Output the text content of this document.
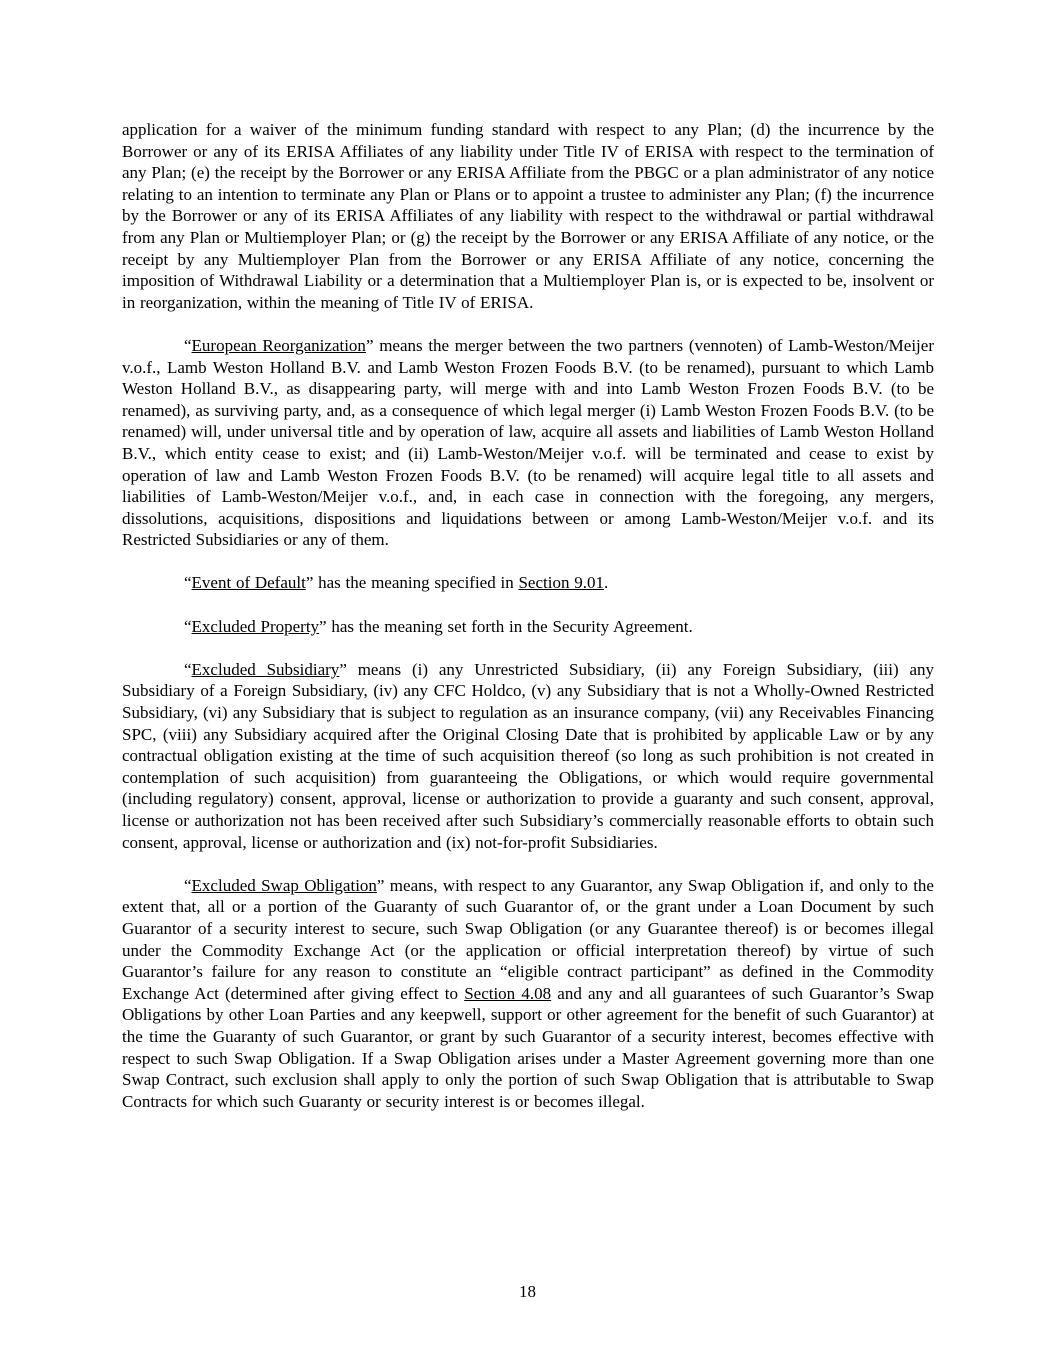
application for a waiver of the minimum funding standard with respect to any Plan; (d) the incurrence by the Borrower or any of its ERISA Affiliates of any liability under Title IV of ERISA with respect to the termination of any Plan; (e) the receipt by the Borrower or any ERISA Affiliate from the PBGC or a plan administrator of any notice relating to an intention to terminate any Plan or Plans or to appoint a trustee to administer any Plan; (f) the incurrence by the Borrower or any of its ERISA Affiliates of any liability with respect to the withdrawal or partial withdrawal from any Plan or Multiemployer Plan; or (g) the receipt by the Borrower or any ERISA Affiliate of any notice, or the receipt by any Multiemployer Plan from the Borrower or any ERISA Affiliate of any notice, concerning the imposition of Withdrawal Liability or a determination that a Multiemployer Plan is, or is expected to be, insolvent or in reorganization, within the meaning of Title IV of ERISA.

“European Reorganization” means the merger between the two partners (vennoten) of Lamb-Weston/Meijer v.o.f., Lamb Weston Holland B.V. and Lamb Weston Frozen Foods B.V. (to be renamed), pursuant to which Lamb Weston Holland B.V., as disappearing party, will merge with and into Lamb Weston Frozen Foods B.V. (to be renamed), as surviving party, and, as a consequence of which legal merger (i) Lamb Weston Frozen Foods B.V. (to be renamed) will, under universal title and by operation of law, acquire all assets and liabilities of Lamb Weston Holland B.V., which entity cease to exist; and (ii) Lamb-Weston/Meijer v.o.f. will be terminated and cease to exist by operation of law and Lamb Weston Frozen Foods B.V. (to be renamed) will acquire legal title to all assets and liabilities of Lamb-Weston/Meijer v.o.f., and, in each case in connection with the foregoing, any mergers, dissolutions, acquisitions, dispositions and liquidations between or among Lamb-Weston/Meijer v.o.f. and its Restricted Subsidiaries or any of them.

“Event of Default” has the meaning specified in Section 9.01.

“Excluded Property” has the meaning set forth in the Security Agreement.

“Excluded Subsidiary” means (i) any Unrestricted Subsidiary, (ii) any Foreign Subsidiary, (iii) any Subsidiary of a Foreign Subsidiary, (iv) any CFC Holdco, (v) any Subsidiary that is not a Wholly-Owned Restricted Subsidiary, (vi) any Subsidiary that is subject to regulation as an insurance company, (vii) any Receivables Financing SPC, (viii) any Subsidiary acquired after the Original Closing Date that is prohibited by applicable Law or by any contractual obligation existing at the time of such acquisition thereof (so long as such prohibition is not created in contemplation of such acquisition) from guaranteeing the Obligations, or which would require governmental (including regulatory) consent, approval, license or authorization to provide a guaranty and such consent, approval, license or authorization not has been received after such Subsidiary’s commercially reasonable efforts to obtain such consent, approval, license or authorization and (ix) not-for-profit Subsidiaries.

“Excluded Swap Obligation” means, with respect to any Guarantor, any Swap Obligation if, and only to the extent that, all or a portion of the Guaranty of such Guarantor of, or the grant under a Loan Document by such Guarantor of a security interest to secure, such Swap Obligation (or any Guarantee thereof) is or becomes illegal under the Commodity Exchange Act (or the application or official interpretation thereof) by virtue of such Guarantor’s failure for any reason to constitute an “eligible contract participant” as defined in the Commodity Exchange Act (determined after giving effect to Section 4.08 and any and all guarantees of such Guarantor’s Swap Obligations by other Loan Parties and any keepwell, support or other agreement for the benefit of such Guarantor) at the time the Guaranty of such Guarantor, or grant by such Guarantor of a security interest, becomes effective with respect to such Swap Obligation. If a Swap Obligation arises under a Master Agreement governing more than one Swap Contract, such exclusion shall apply to only the portion of such Swap Obligation that is attributable to Swap Contracts for which such Guaranty or security interest is or becomes illegal.

18
